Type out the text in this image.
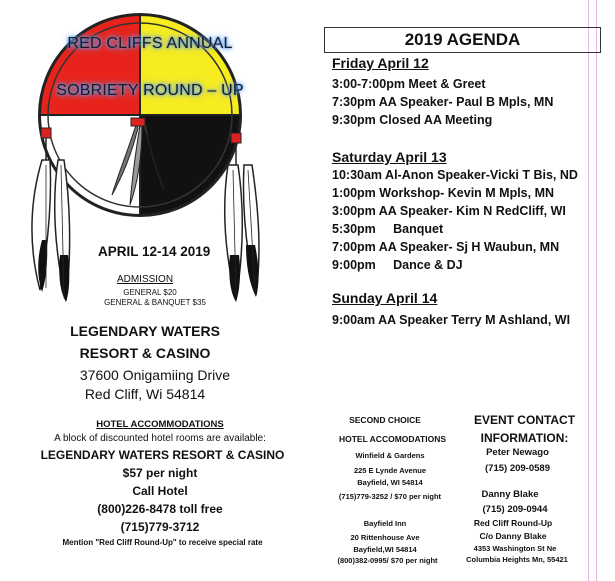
RED CLIFFS ANNUAL
SOBRIETY ROUND – UP
APRIL 12-14 2019
ADMISSION
GENERAL $20
GENERAL & BANQUET $35
LEGENDARY WATERS
RESORT & CASINO
37600 Onigamiing Drive
Red Cliff, Wi 54814
HOTEL ACCOMMODATIONS
A block of discounted hotel rooms are available:
LEGENDARY WATERS RESORT & CASINO
$57 per night
Call Hotel
(800)226-8478 toll free
(715)779-3712
Mention "Red Cliff Round-Up" to receive special rate
2019 AGENDA
Friday April 12
3:00-7:00pm Meet & Greet
7:30pm AA Speaker- Paul B Mpls, MN
9:30pm Closed AA Meeting
Saturday April 13
10:30am Al-Anon Speaker-Vicki T Bis, ND
1:00pm Workshop- Kevin M Mpls, MN
3:00pm AA Speaker- Kim N RedCliff, WI
5:30pm     Banquet
7:00pm AA Speaker- Sj H Waubun, MN
9:00pm     Dance & DJ
Sunday April 14
9:00am AA Speaker Terry M Ashland, WI
SECOND CHOICE
HOTEL ACCOMODATIONS
Winfield & Gardens
225 E Lynde Avenue
Bayfield, WI 54814
(715)779-3252 / $70 per night
Bayfield Inn
20 Rittenhouse Ave
Bayfield,WI 54814
(800)382-0995/ $70 per night
EVENT CONTACT
INFORMATION:
Peter Newago
(715) 209-0589
Danny Blake
(715) 209-0944
Red Cliff Round-Up
C/o Danny Blake
4353 Washington St Ne
Columbia Heights Mn, 55421
